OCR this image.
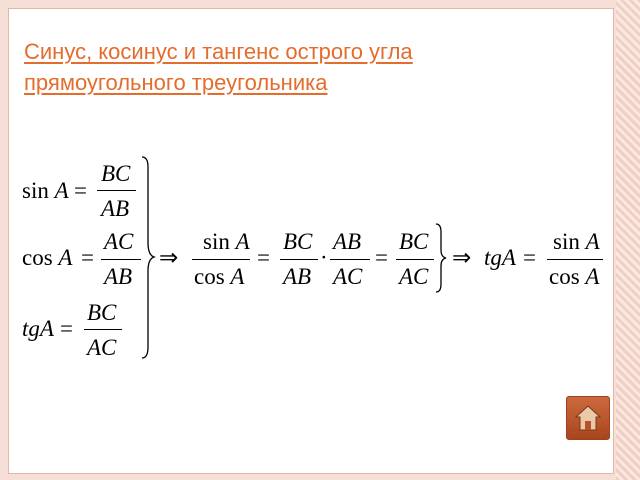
Синус, косинус и тангенс острого угла
прямоугольного треугольника
sin A =
BC
AB
cos A =
AC
AB
tgA =
BC
AC
⇒
sin A
cos A
=
BC
AB
·
AB
AC
=
BC
AC
⇒ tgA =
sin A
cos A
